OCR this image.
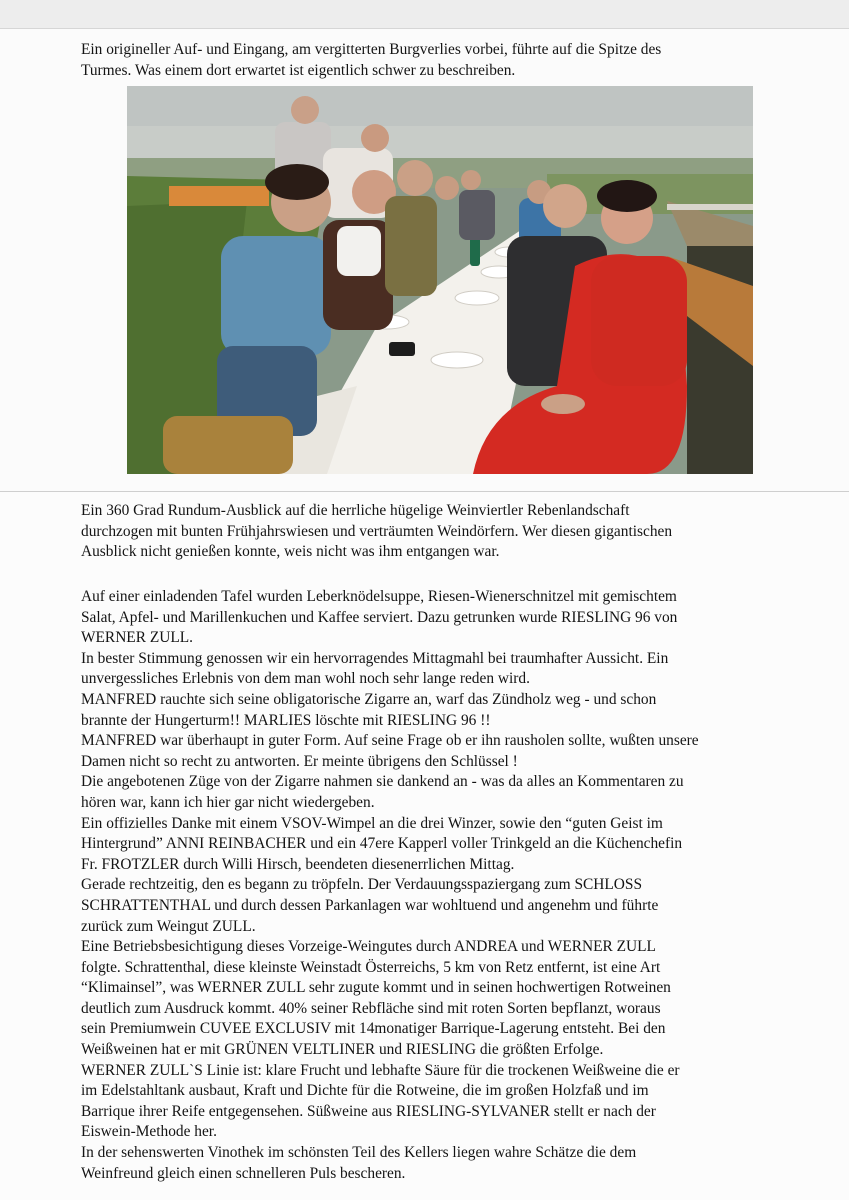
Ein origineller Auf- und Eingang, am vergitterten Burgverlies vorbei, führte auf die Spitze des
Turmes. Was einem dort erwartet ist eigentlich schwer zu beschreiben.

Ein 360 Grad Rundum-Ausblick auf die herrliche hügelige Weinviertler Rebenlandschaft
durchzogen mit bunten Frühjahrswiesen und verträumten Weindörfern. Wer diesen gigantischen
Ausblick nicht genießen konnte, weis nicht was ihm entgangen war.

Auf einer einladenden Tafel wurden Leberknödelsuppe, Riesen-Wienerschnitzel mit gemischtem
Salat, Apfel- und Marillenkuchen und Kaffee serviert. Dazu getrunken wurde RIESLING 96 von
WERNER ZULL.
In bester Stimmung genossen wir ein hervorragendes Mittagmahl bei traumhafter Aussicht. Ein
unvergessliches Erlebnis von dem man wohl noch sehr lange reden wird.
MANFRED rauchte sich seine obligatorische Zigarre an, warf das Zündholz weg - und schon
brannte der Hungerturm!! MARLIES löschte mit RIESLING 96 !!
MANFRED war überhaupt in guter Form. Auf seine Frage ob er ihn rausholen sollte, wußten unsere
Damen nicht so recht zu antworten. Er meinte übrigens den Schlüssel !
Die angebotenen Züge von der Zigarre nahmen sie dankend an - was da alles an Kommentaren zu
hören war, kann ich hier gar nicht wiedergeben.
Ein offizielles Danke mit einem VSOV-Wimpel an die drei Winzer, sowie den “guten Geist im
Hintergrund” ANNI REINBACHER und ein 47ere Kapperl voller Trinkgeld an die Küchenchefin
Fr. FROTZLER durch Willi Hirsch, beendeten diesenerrlichen Mittag.
Gerade rechtzeitig, den es begann zu tröpfeln. Der Verdauungsspaziergang zum SCHLOSS
SCHRATTENTHAL und durch dessen Parkanlagen war wohltuend und angenehm und führte
zurück zum Weingut ZULL.
Eine Betriebsbesichtigung dieses Vorzeige-Weingutes durch ANDREA und WERNER ZULL
folgte. Schrattenthal, diese kleinste Weinstadt Österreichs, 5 km von Retz entfernt, ist eine Art
“Klimainsel”, was WERNER ZULL sehr zugute kommt und in seinen hochwertigen Rotweinen
deutlich zum Ausdruck kommt. 40% seiner Rebfläche sind mit roten Sorten bepflanzt, woraus
sein Premiumwein CUVEE EXCLUSIV mit 14monatiger Barrique-Lagerung entsteht. Bei den
Weißweinen hat er mit GRÜNEN VELTLINER und RIESLING die größten Erfolge.
WERNER ZULL`S Linie ist: klare Frucht und lebhafte Säure für die trockenen Weißweine die er
im Edelstahltank ausbaut, Kraft und Dichte für die Rotweine, die im großen Holzfaß und im
Barrique ihrer Reife entgegensehen. Süßweine aus RIESLING-SYLVANER stellt er nach der
Eiswein-Methode her.
In der sehenswerten Vinothek im schönsten Teil des Kellers liegen wahre Schätze die dem
Weinfreund gleich einen schnelleren Puls bescheren.
